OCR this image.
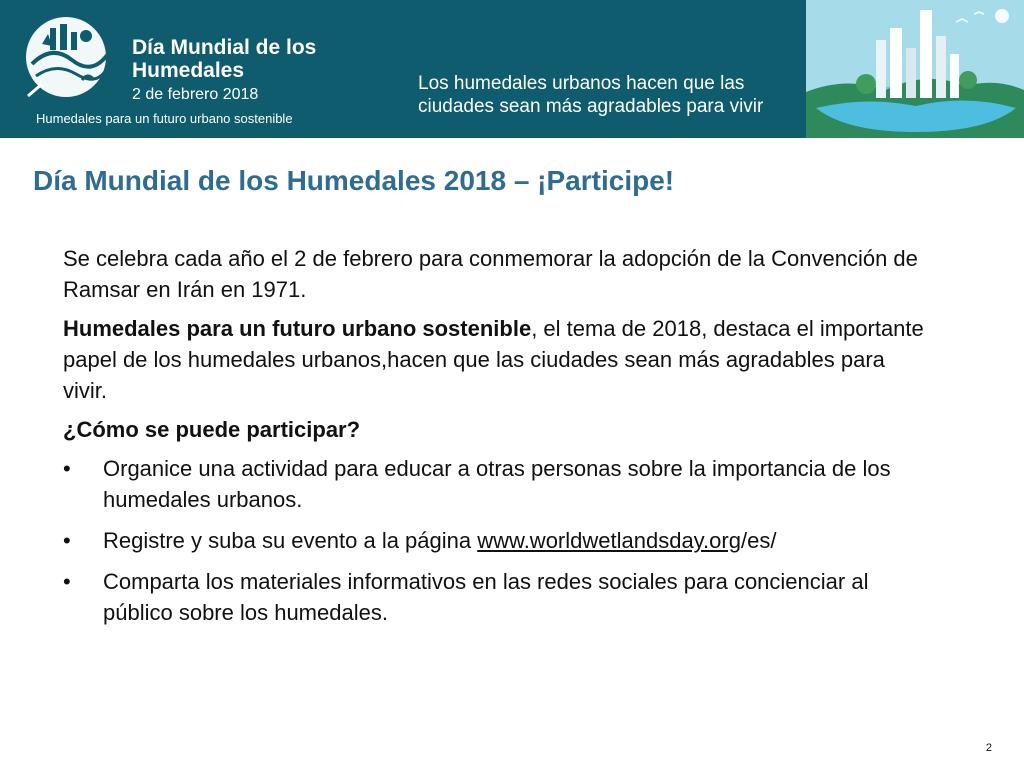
Día Mundial de los Humedales
2 de febrero 2018
Humedales para un futuro urbano sostenible
Los humedales urbanos hacen que las ciudades sean más agradables para vivir
Día Mundial de los Humedales 2018 – ¡Participe!

Se celebra cada año el 2 de febrero para conmemorar la adopción de la Convención de Ramsar en Irán en 1971.

Humedales para un futuro urbano sostenible, el tema de 2018, destaca el importante papel de los humedales urbanos,hacen que las ciudades sean más agradables para vivir.

¿Cómo se puede participar?

• Organice una actividad para educar a otras personas sobre la importancia de los humedales urbanos.
• Registre y suba su evento a la página www.worldwetlandsday.org/es/
• Comparta los materiales informativos en las redes sociales para concienciar al público sobre los humedales.
2
